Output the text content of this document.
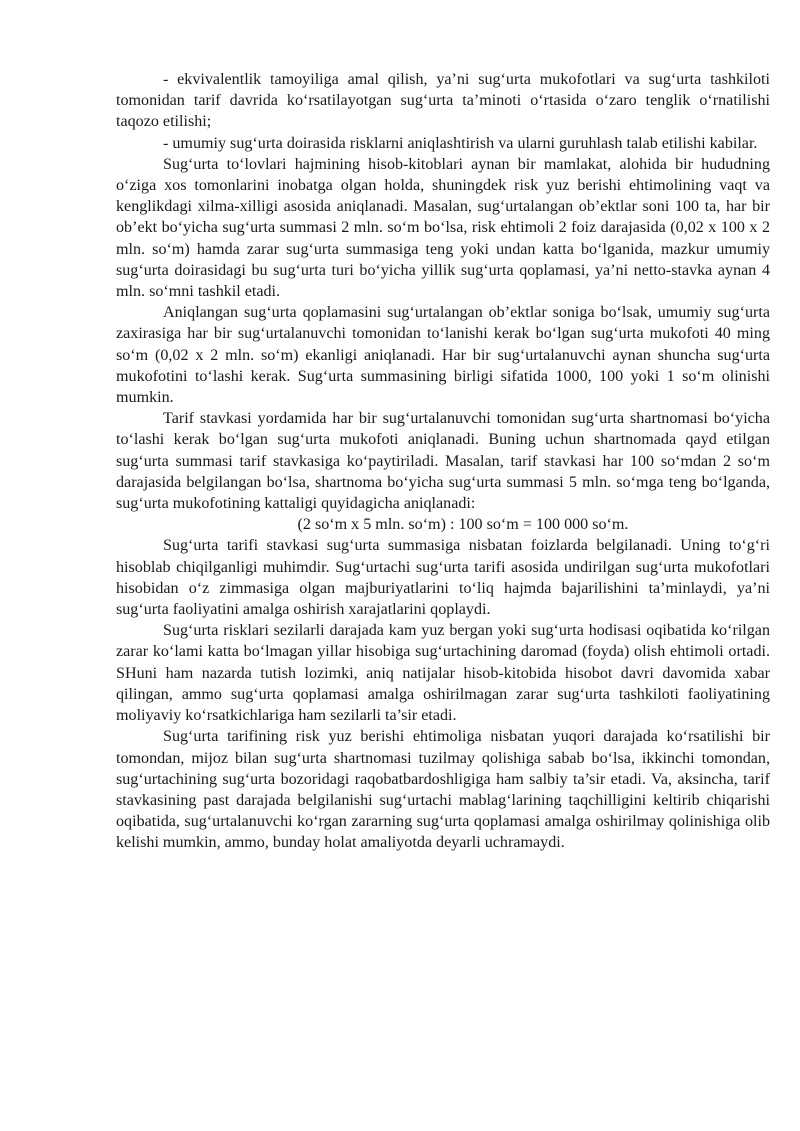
- ekvivalentlik tamoyiliga amal qilish, ya’ni sug‘urta mukofotlari va sug‘urta tashkiloti tomonidan tarif davrida ko‘rsatilayotgan sug‘urta ta’minoti o‘rtasida o‘zaro tenglik o‘rnatilishi taqozo etilishi;

- umumiy sug‘urta doirasida risklarni aniqlashtirish va ularni guruhlash talab etilishi kabilar.

Sug‘urta to‘lovlari hajmining hisob-kitoblari aynan bir mamlakat, alohida bir hududning o‘ziga xos tomonlarini inobatga olgan holda, shuningdek risk yuz berishi ehtimolining vaqt va kenglikdagi xilma-xilligi asosida aniqlanadi. Masalan, sug‘urtalangan ob’ektlar soni 100 ta, har bir ob’ekt bo‘yicha sug‘urta summasi 2 mln. so‘m bo‘lsa, risk ehtimoli 2 foiz darajasida (0,02 x 100 x 2 mln. so‘m) hamda zarar sug‘urta summasiga teng yoki undan katta bo‘lganida, mazkur umumiy sug‘urta doirasidagi bu sug‘urta turi bo‘yicha yillik sug‘urta qoplamasi, ya’ni netto-stavka aynan 4 mln. so‘mni tashkil etadi.

Aniqlangan sug‘urta qoplamasini sug‘urtalangan ob’ektlar soniga bo‘lsak, umumiy sug‘urta zaxirasiga har bir sug‘urtalanuvchi tomonidan to‘lanishi kerak bo‘lgan sug‘urta mukofoti 40 ming so‘m (0,02 x 2 mln. so‘m) ekanligi aniqlanadi. Har bir sug‘urtalanuvchi aynan shuncha sug‘urta mukofotini to‘lashi kerak. Sug‘urta summasining birligi sifatida 1000, 100 yoki 1 so‘m olinishi mumkin.

Tarif stavkasi yordamida har bir sug‘urtalanuvchi tomonidan sug‘urta shartnomasi bo‘yicha to‘lashi kerak bo‘lgan sug‘urta mukofoti aniqlanadi. Buning uchun shartnomada qayd etilgan sug‘urta summasi tarif stavkasiga ko‘paytiriladi. Masalan, tarif stavkasi har 100 so‘mdan 2 so‘m darajasida belgilangan bo‘lsa, shartnoma bo‘yicha sug‘urta summasi 5 mln. so‘mga teng bo‘lganda, sug‘urta mukofotining kattaligi quyidagicha aniqlanadi:

(2 so‘m x 5 mln. so‘m) : 100 so‘m = 100 000 so‘m.

Sug‘urta tarifi stavkasi sug‘urta summasiga nisbatan foizlarda belgilanadi. Uning to‘g‘ri hisoblab chiqilganligi muhimdir. Sug‘urtachi sug‘urta tarifi asosida undirilgan sug‘urta mukofotlari hisobidan o‘z zimmasiga olgan majburiyatlarini to‘liq hajmda bajarilishini ta’minlaydi, ya’ni sug‘urta faoliyatini amalga oshirish xarajatlarini qoplaydi.

Sug‘urta risklari sezilarli darajada kam yuz bergan yoki sug‘urta hodisasi oqibatida ko‘rilgan zarar ko‘lami katta bo‘lmagan yillar hisobiga sug‘urtachining daromad (foyda) olish ehtimoli ortadi. SHuni ham nazarda tutish lozimki, aniq natijalar hisob-kitobida hisobot davri davomida xabar qilingan, ammo sug‘urta qoplamasi amalga oshirilmagan zarar sug‘urta tashkiloti faoliyatining moliyaviy ko‘rsatkichlariga ham sezilarli ta’sir etadi.

Sug‘urta tarifining risk yuz berishi ehtimoliga nisbatan yuqori darajada ko‘rsatilishi bir tomondan, mijoz bilan sug‘urta shartnomasi tuzilmay qolishiga sabab bo‘lsa, ikkinchi tomondan, sug‘urtachining sug‘urta bozoridagi raqobatbardoshligiga ham salbiy ta’sir etadi. Va, aksincha, tarif stavkasining past darajada belgilanishi sug‘urtachi mablag‘larining taqchilligini keltirib chiqarishi oqibatida, sug‘urtalanuvchi ko‘rgan zararning sug‘urta qoplamasi amalga oshirilmay qolinishiga olib kelishi mumkin, ammo, bunday holat amaliyotda deyarli uchramaydi.
